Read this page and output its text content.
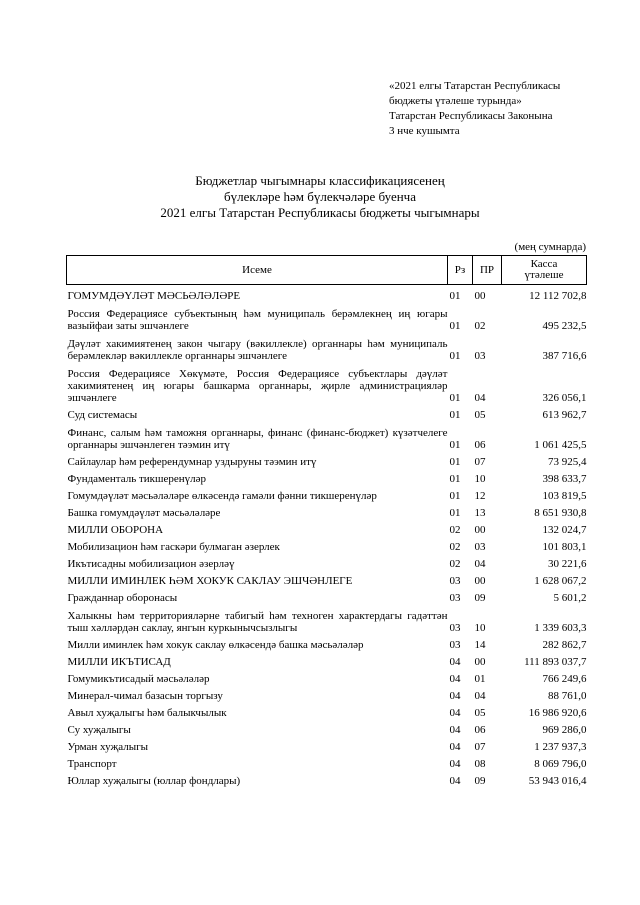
«2021 елгы Татарстан Республикасы
бюджеты үтәлеше турында»
Татарстан Республикасы Законына
3 нче кушымта
Бюджетлар чыгымнары классификациясенең
бүлекләре һәм бүлекчәләре буенча
2021 елгы Татарстан Республикасы бюджеты чыгымнары
(мең сумнарда)
Исеме	Рз	ПР	Касса
үтәлеше

ГОМУМДӘҮЛӘТ МӘСЬӘЛӘЛӘРЕ	01	00	12 112 702,8

Россия Федерациясе субъектының һәм муниципаль берәмлекнең иң югары вазыйфаи заты эшчәнлеге	01	02	495 232,5

Дәүләт хакимиятенең закон чыгару (вәкиллекле) органнары һәм муниципаль берәмлекләр вәкиллекле органнары эшчәнлеге	01	03	387 716,6

Россия Федерациясе Хөкүмәте, Россия Федерациясе субъектлары дәүләт хакимиятенең иң югары башкарма органнары, җирле администрацияләр эшчәнлеге	01	04	326 056,1

Суд системасы	01	05	613 962,7

Финанс, салым һәм таможня органнары, финанс (финанс-бюджет) күзәтчелеге органнары эшчәнлеген тәэмин итү	01	06	1 061 425,5

Сайлаулар һәм референдумнар уздыруны тәэмин итү	01	07	73 925,4

Фундаменталь тикшеренүләр	01	10	398 633,7

Гомумдәүләт мәсьәләләре өлкәсендә гамәли фәнни тикшеренүләр	01	12	103 819,5

Башка гомумдәүләт мәсьәләләре	01	13	8 651 930,8

МИЛЛИ ОБОРОНА	02	00	132 024,7

Мобилизацион һәм гаскәри булмаган әзерлек	02	03	101 803,1

Икътисадны мобилизацион әзерләү	02	04	30 221,6

МИЛЛИ ИМИНЛЕК ҺӘМ ХОКУК САКЛАУ ЭШЧӘНЛЕГЕ	03	00	1 628 067,2

Гражданнар оборонасы	03	09	5 601,2

Халыкны һәм территорияләрне табигый һәм техноген характердагы гадәттән тыш хәлләрдән саклау, янгын куркынычсызлыгы	03	10	1 339 603,3

Милли иминлек һәм хокук саклау өлкәсендә башка мәсьәләләр	03	14	282 862,7

МИЛЛИ ИКЪТИСАД	04	00	111 893 037,7

Гомумикътисадый мәсьәләләр	04	01	766 249,6

Минерал-чимал базасын торгызу	04	04	88 761,0

Авыл хуҗалыгы һәм балыкчылык	04	05	16 986 920,6

Су хуҗалыгы	04	06	969 286,0

Урман хуҗалыгы	04	07	1 237 937,3

Транспорт	04	08	8 069 796,0

Юллар хуҗалыгы (юллар фондлары)	04	09	53 943 016,4
